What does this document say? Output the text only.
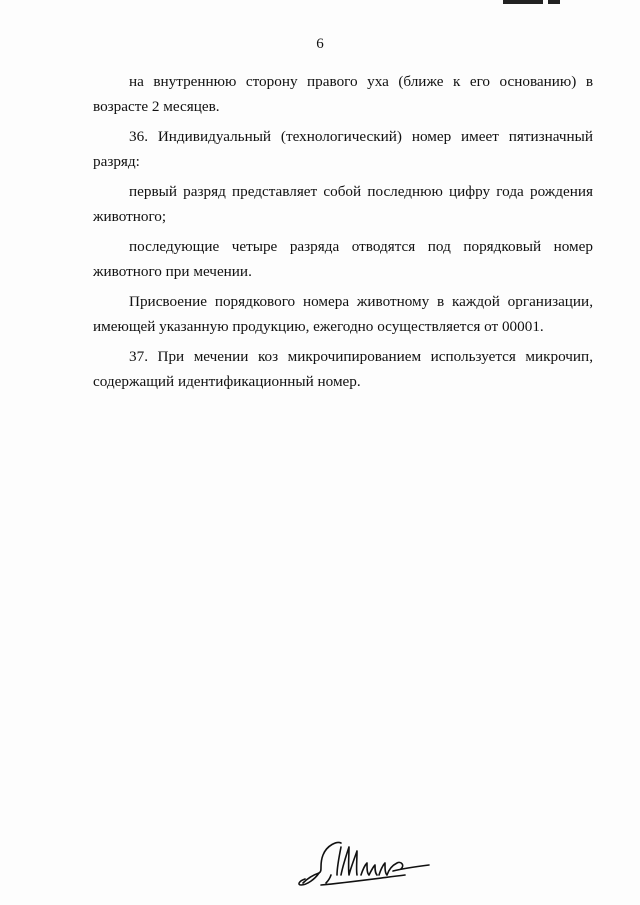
6

на внутреннюю сторону правого уха (ближе к его основанию) в возрасте 2 месяцев.

36. Индивидуальный (технологический) номер имеет пятизначный разряд:

первый разряд представляет собой последнюю цифру года рождения животного;

последующие четыре разряда отводятся под порядковый номер животного при мечении.

Присвоение порядкового номера животному в каждой организации, имеющей указанную продукцию, ежегодно осуществляется от 00001.

37. При мечении коз микрочипированием используется микрочип, содержащий идентификационный номер.
